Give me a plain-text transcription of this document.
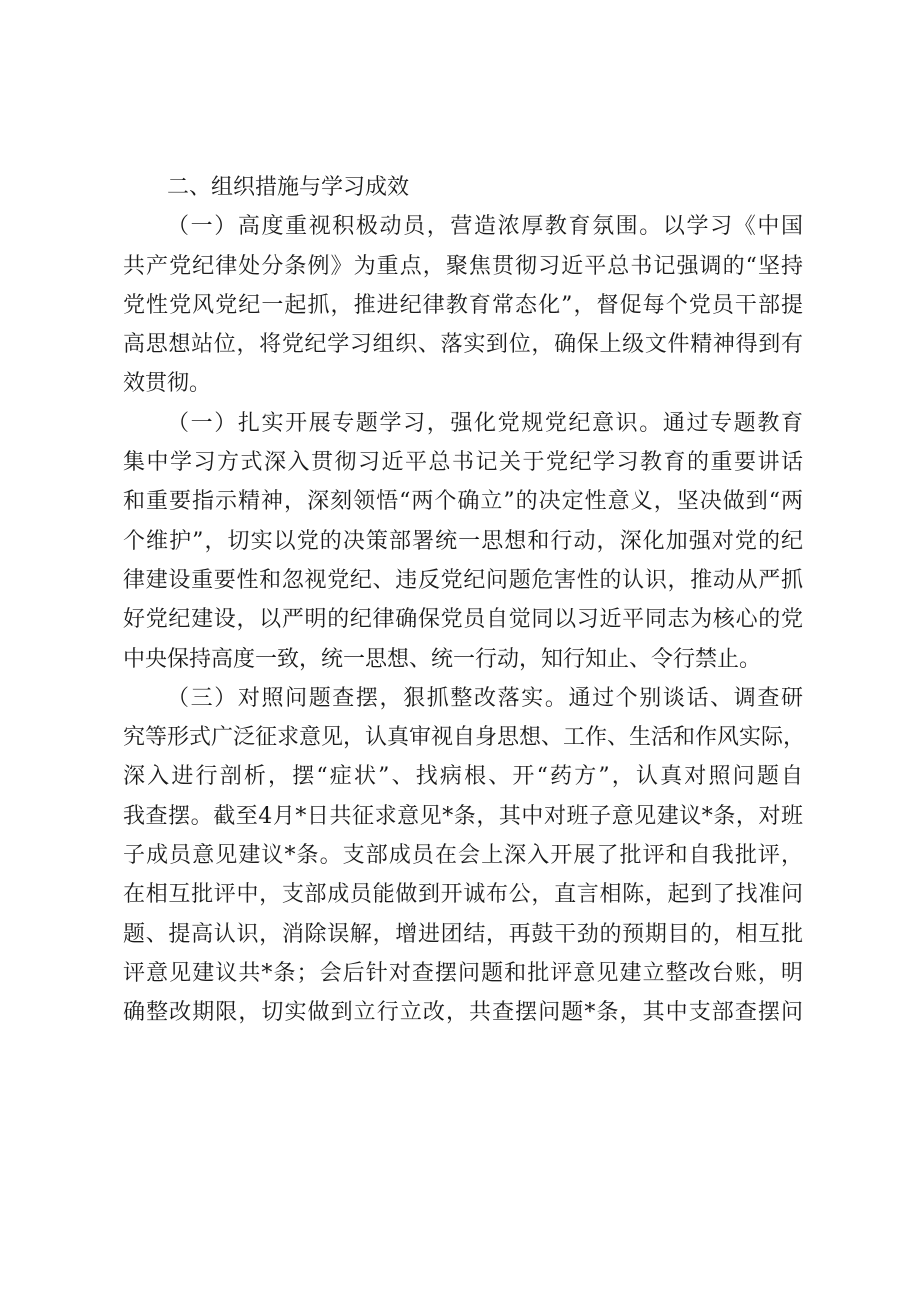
二、组织措施与学习成效
（一）高度重视积极动员，营造浓厚教育氛围。以学习《中国
共产党纪律处分条例》为重点，聚焦贯彻习近平总书记强调的“坚持
党性党风党纪一起抓，推进纪律教育常态化”，督促每个党员干部提
高思想站位，将党纪学习组织、落实到位，确保上级文件精神得到有
效贯彻。
（一）扎实开展专题学习，强化党规党纪意识。通过专题教育
集中学习方式深入贯彻习近平总书记关于党纪学习教育的重要讲话
和重要指示精神，深刻领悟“两个确立”的决定性意义，坚决做到“两
个维护”，切实以党的决策部署统一思想和行动，深化加强对党的纪
律建设重要性和忽视党纪、违反党纪问题危害性的认识，推动从严抓
好党纪建设，以严明的纪律确保党员自觉同以习近平同志为核心的党
中央保持高度一致，统一思想、统一行动，知行知止、令行禁止。
（三）对照问题查摆，狠抓整改落实。通过个别谈话、调查研
究等形式广泛征求意见，认真审视自身思想、工作、生活和作风实际，
深入进行剖析，摆“症状”、找病根、开“药方”，认真对照问题自
我查摆。截至4月*日共征求意见*条，其中对班子意见建议*条，对班
子成员意见建议*条。支部成员在会上深入开展了批评和自我批评，
在相互批评中，支部成员能做到开诚布公，直言相陈，起到了找准问
题、提高认识，消除误解，增进团结，再鼓干劲的预期目的，相互批
评意见建议共*条；会后针对查摆问题和批评意见建立整改台账，明
确整改期限，切实做到立行立改，共查摆问题*条，其中支部查摆问
